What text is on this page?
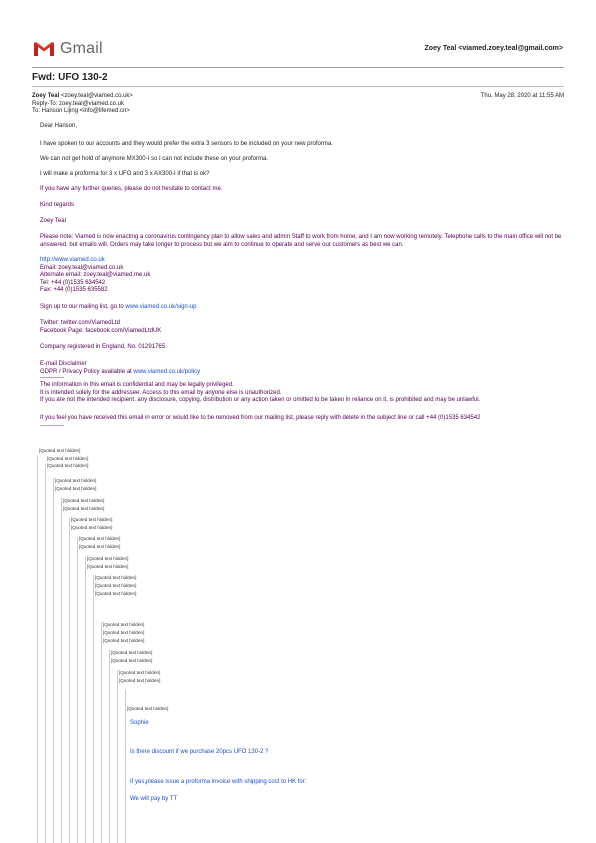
Gmail	Zoey Teal <viamed.zoey.teal@gmail.com>
Fwd: UFO 130-2
Zoey Teal <zoey.teal@viamed.co.uk>	Thu, May 28, 2020 at 11:55 AM
Reply-To: zoey.teal@viamed.co.uk
To: Hanson Lijing <info@lifemed.cn>
Dear Hanson,
I have spoken to our accounts and they would prefer the extra 3 sensors to be included on your new proforma.
We can not get hold of anymore MX300-I so I can not include these on your proforma.
I will make a proforma for 3 x UFO and 3 x AX300-I if that is ok?
If you have any further queries, please do not hesitate to contact me.
Kind regards
Zoey Teal
Please note: Viamed is now enacting a coronavirus contingency plan to allow sales and admin Staff to work from home, and I am now working remotely. Telephone calls to the main office will not be answered, but emails will. Orders may take longer to process but we aim to continue to operate and serve our customers as best we can.
http://www.viamed.co.uk
Email: zoey.teal@viamed.co.uk
Alternate email: zoey.teal@viamed.me.uk
Tel: +44 (0)1535 634542
Fax: +44 (0)1535 635582
Sign up to our mailing list, go to www.viamed.co.uk/sign-up
Twitter: twitter.com/ViamedLtd
Facebook Page: facebook.com/ViamedLtdUK
Company registered in England, No. 01291765.
E-mail Disclaimer
GDPR / Privacy Policy available at www.viamed.co.uk/policy
------------
The information in this email is confidential and may be legally privileged.
It is intended solely for the addressee. Access to this email by anyone else is unauthorized.
If you are not the intended recipient, any disclosure, copying, distribution or any action taken or omitted to be taken in reliance on it, is prohibited and may be unlawful.
If you feel you have received this email in error or would like to be removed from our mailing list, please reply with delete in the subject line or call +44 (0)1535 634542
------------
[Quoted text hidden]
[Quoted text hidden]
[Quoted text hidden]
[Quoted text hidden]
[Quoted text hidden]
[Quoted text hidden]
[Quoted text hidden]
[Quoted text hidden]
[Quoted text hidden]
[Quoted text hidden]
[Quoted text hidden]
[Quoted text hidden]
[Quoted text hidden]
[Quoted text hidden]
[Quoted text hidden]
[Quoted text hidden]
[Quoted text hidden]
[Quoted text hidden]
[Quoted text hidden]
[Quoted text hidden]
[Quoted text hidden]
[Quoted text hidden]
[Quoted text hidden]
[Quoted text hidden]
Sophie
Is there discount if we purchase 20pcs UFO 130-2 ?
If yes,please issue a proforma invoice with shipping cost to HK for:
We will pay by TT
